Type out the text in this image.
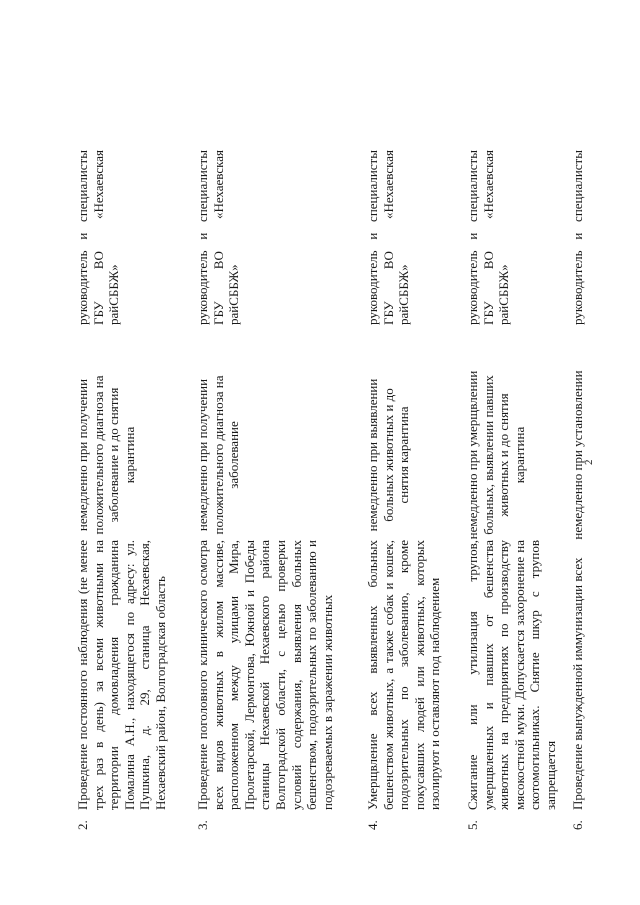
2
2.
Проведение постоянного наблюдения (не менее трех раз в день) за всеми животными на территории домовладения гражданина Помалина А.Н., находящегося по адресу: ул. Пушкина, д. 29, станица Нехаевская, Нехаевский район, Волгоградская область
немедленно при получении положительного диагноза на заболевание и до снятия карантина
руководитель
и
специалисты ГБУ ВО «Нехаевская райСББЖ»
3.
Проведение поголовного клинического осмотра всех видов животных в жилом массиве, расположенном между улицами Мира, Пролетарской, Лермонтова, Южной и Победы станицы Нехаевской Нехаевского района Волгоградской области, с целью проверки условий содержания, выявления больных бешенством, подозрительных по заболеванию и подозреваемых в заражении животных
немедленно при получении положительного диагноза на заболевание
руководитель
и
специалисты ГБУ ВО «Нехаевская райСББЖ»
4.
Умерщвление всех выявленных больных бешенством животных, а также собак и кошек, подозрительных по заболеванию, кроме покусавших людей или животных, которых изолируют и оставляют под наблюдением
немедленно при выявлении больных животных и до снятия карантина
руководитель
и
специалисты ГБУ ВО «Нехаевская райСББЖ»
5.
Сжигание или утилизация трупов, умерщвленных и павших от бешенства животных на предприятиях по производству мясокостной муки. Допускается захоронение на скотомогильниках. Снятие шкур с трупов запрещается
немедленно при умерщвлении больных, выявлении павших животных и до снятия карантина
руководитель
и
специалисты ГБУ ВО «Нехаевская райСББЖ»
6.
Проведение вынужденной иммунизации всех
немедленно при установлении
руководитель
и
специалисты
